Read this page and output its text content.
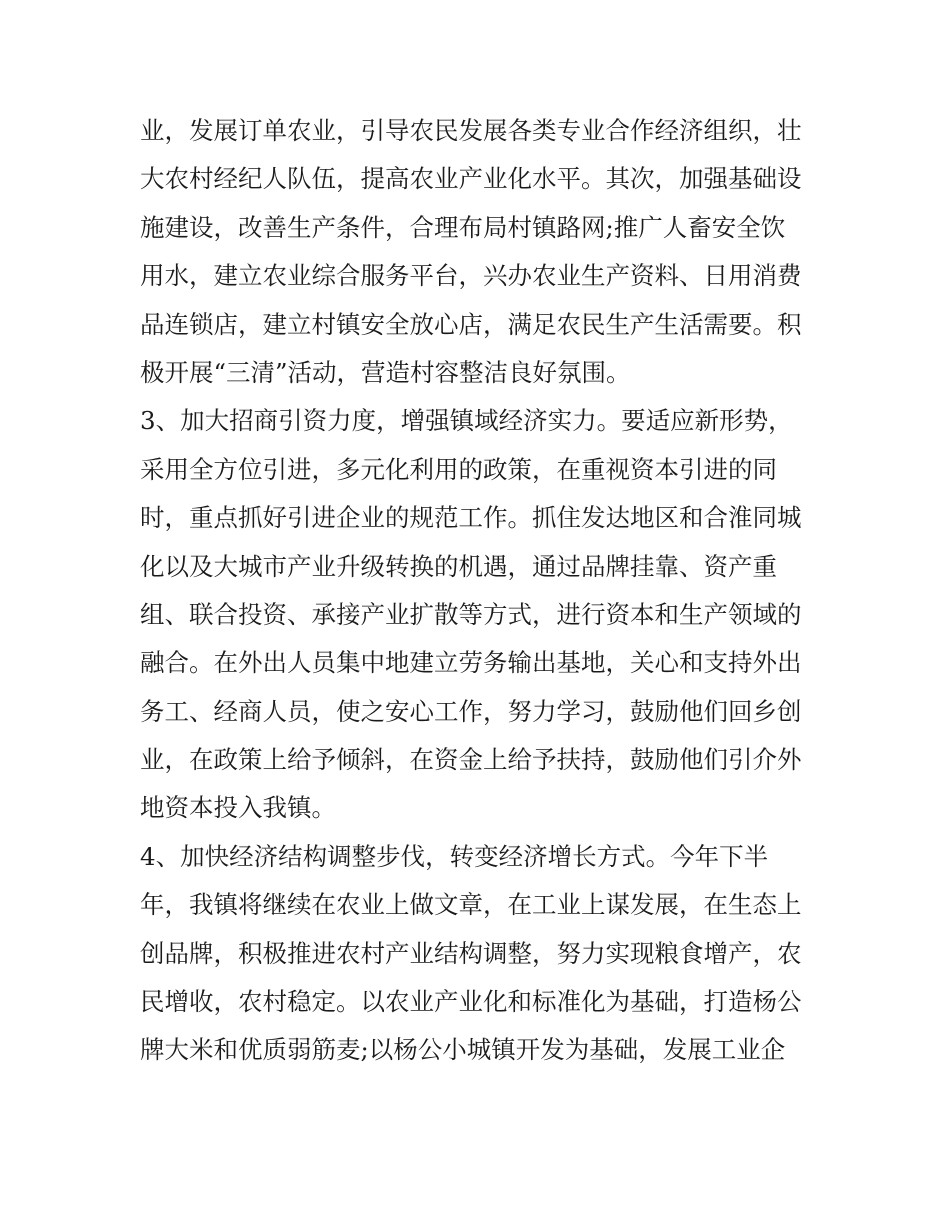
业，发展订单农业，引导农民发展各类专业合作经济组织，壮
大农村经纪人队伍，提高农业产业化水平。其次，加强基础设
施建设，改善生产条件，合理布局村镇路网;推广人畜安全饮
用水，建立农业综合服务平台，兴办农业生产资料、日用消费
品连锁店，建立村镇安全放心店，满足农民生产生活需要。积
极开展“三清”活动，营造村容整洁良好氛围。
3、加大招商引资力度，增强镇域经济实力。要适应新形势，
采用全方位引进，多元化利用的政策，在重视资本引进的同
时，重点抓好引进企业的规范工作。抓住发达地区和合淮同城
化以及大城市产业升级转换的机遇，通过品牌挂靠、资产重
组、联合投资、承接产业扩散等方式，进行资本和生产领域的
融合。在外出人员集中地建立劳务输出基地，关心和支持外出
务工、经商人员，使之安心工作，努力学习，鼓励他们回乡创
业，在政策上给予倾斜，在资金上给予扶持，鼓励他们引介外
地资本投入我镇。
4、加快经济结构调整步伐，转变经济增长方式。今年下半
年，我镇将继续在农业上做文章，在工业上谋发展，在生态上
创品牌，积极推进农村产业结构调整，努力实现粮食增产，农
民增收，农村稳定。以农业产业化和标准化为基础，打造杨公
牌大米和优质弱筋麦;以杨公小城镇开发为基础，发展工业企
